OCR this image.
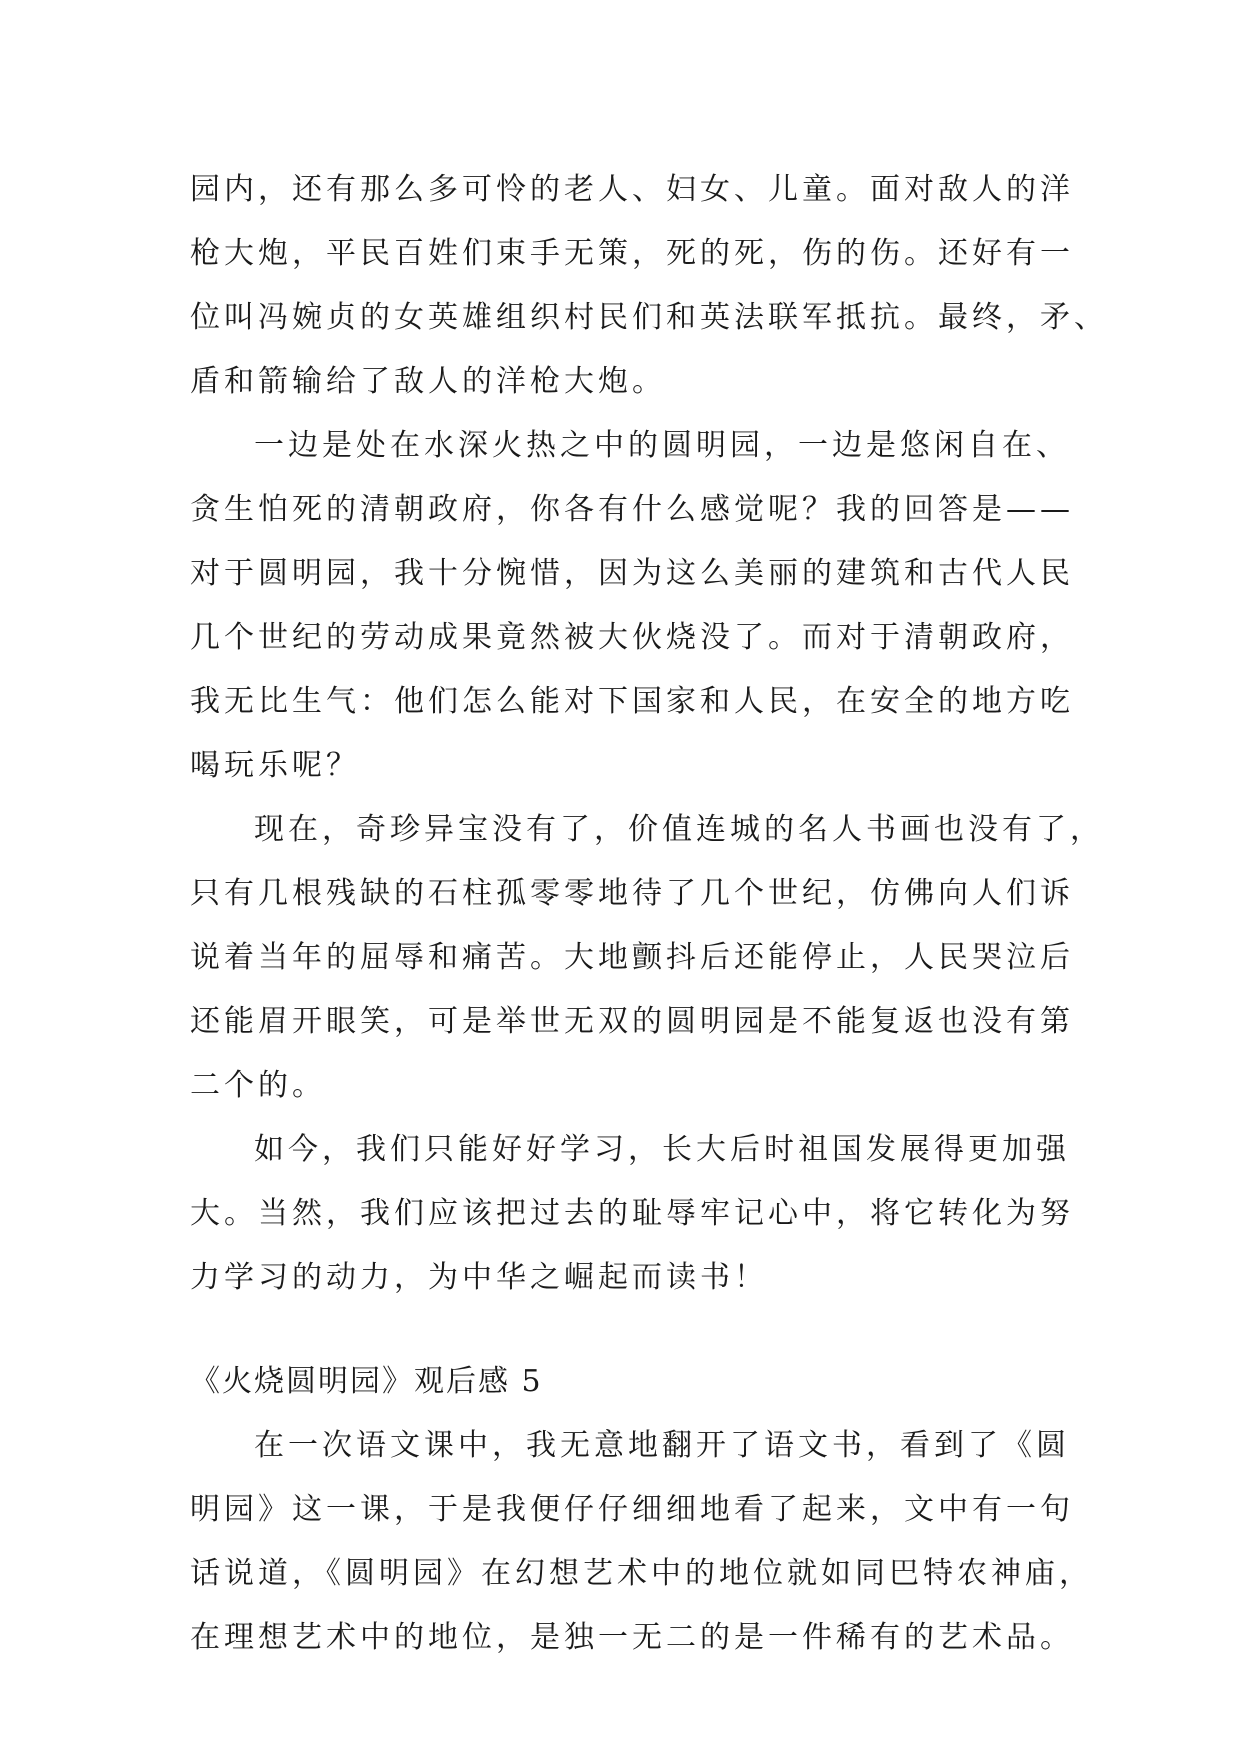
园内，还有那么多可怜的老人、妇女、儿童。面对敌人的洋
枪大炮，平民百姓们束手无策，死的死，伤的伤。还好有一
位叫冯婉贞的女英雄组织村民们和英法联军抵抗。最终，矛、
盾和箭输给了敌人的洋枪大炮。
一边是处在水深火热之中的圆明园，一边是悠闲自在、
贪生怕死的清朝政府，你各有什么感觉呢？我的回答是——
对于圆明园，我十分惋惜，因为这么美丽的建筑和古代人民
几个世纪的劳动成果竟然被大伙烧没了。而对于清朝政府，
我无比生气：他们怎么能对下国家和人民，在安全的地方吃
喝玩乐呢？
现在，奇珍异宝没有了，价值连城的名人书画也没有了，
只有几根残缺的石柱孤零零地待了几个世纪，仿佛向人们诉
说着当年的屈辱和痛苦。大地颤抖后还能停止，人民哭泣后
还能眉开眼笑，可是举世无双的圆明园是不能复返也没有第
二个的。
如今，我们只能好好学习，长大后时祖国发展得更加强
大。当然，我们应该把过去的耻辱牢记心中，将它转化为努
力学习的动力，为中华之崛起而读书！
《火烧圆明园》观后感 5
在一次语文课中，我无意地翻开了语文书，看到了《圆
明园》这一课，于是我便仔仔细细地看了起来，文中有一句
话说道，《圆明园》在幻想艺术中的地位就如同巴特农神庙，
在理想艺术中的地位，是独一无二的是一件稀有的艺术品。
